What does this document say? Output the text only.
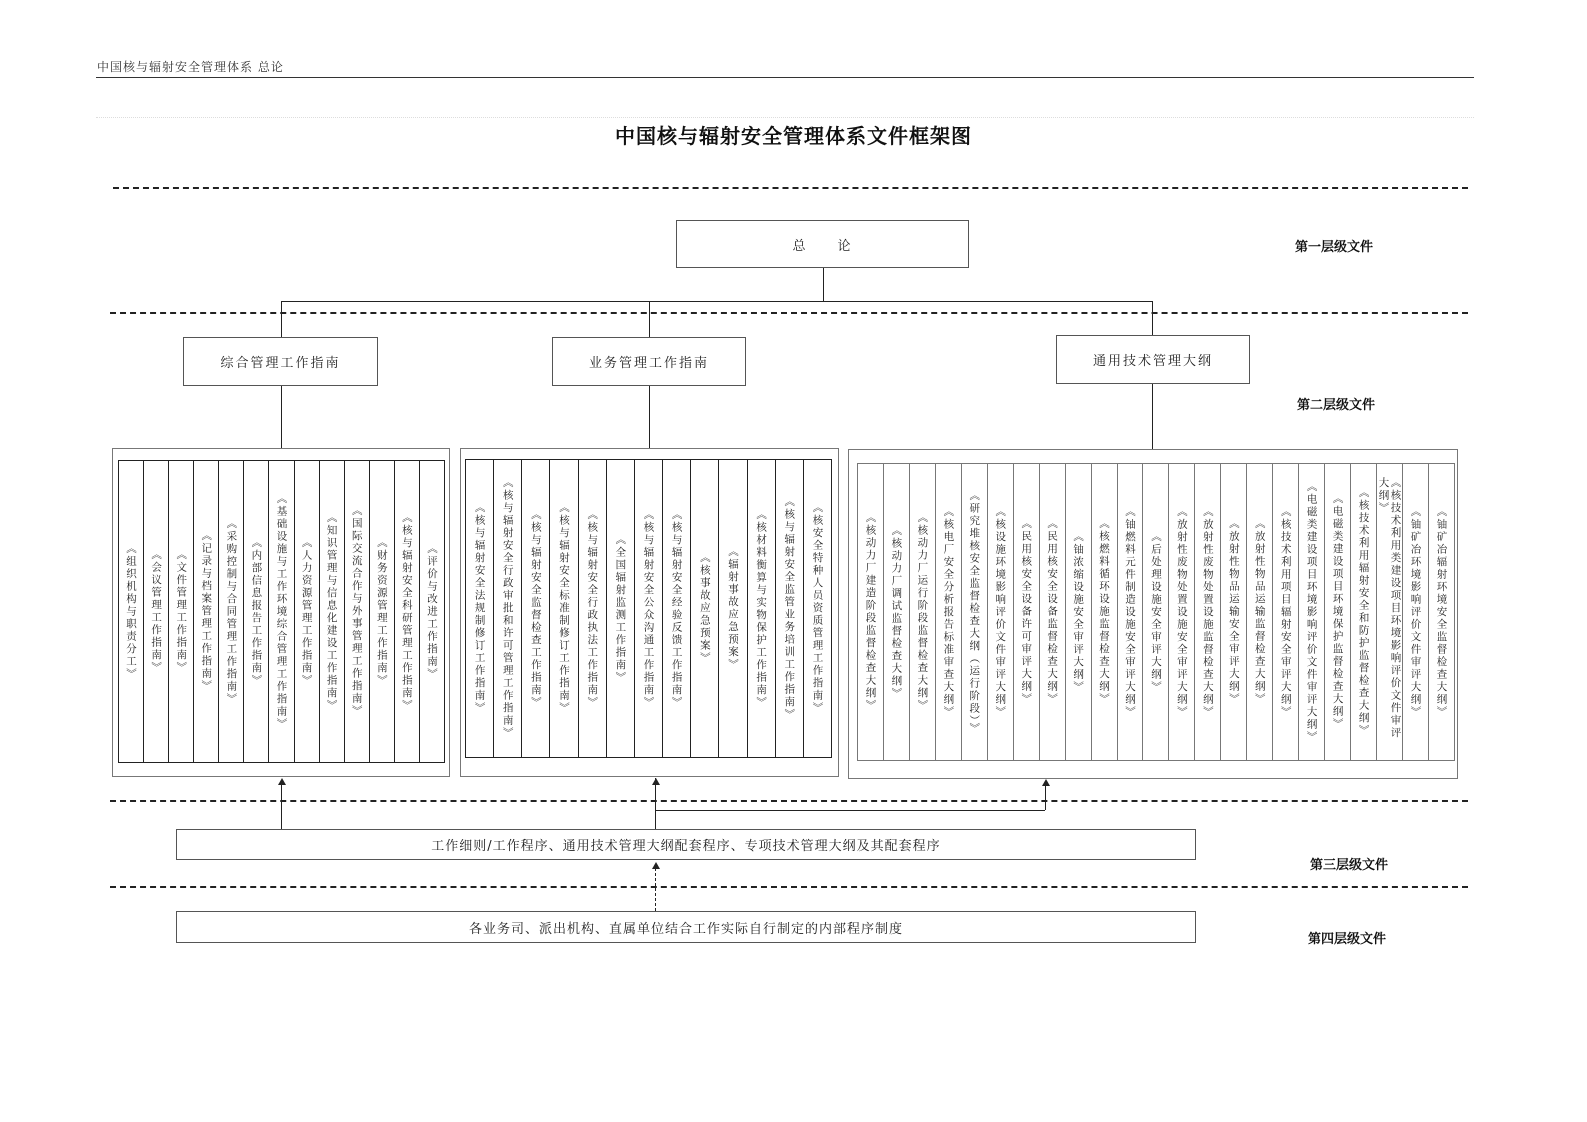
中国核与辐射安全管理体系 总论
中国核与辐射安全管理体系文件框架图
第一层级文件
第二层级文件
第三层级文件
第四层级文件
总　　论
综合管理工作指南	业务管理工作指南	通用技术管理大纲
《组织机构与职责分工》 《会议管理工作指南》 《文件管理工作指南》 《记录与档案管理工作指南》 《采购控制与合同管理工作指南》 《内部信息报告工作指南》 《基础设施与工作环境综合管理工作指南》 《人力资源管理工作指南》 《知识管理与信息化建设工作指南》 《国际交流合作与外事管理工作指南》 《财务资源管理工作指南》 《核与辐射安全科研管理工作指南》 《评价与改进工作指南》	《核与辐射安全法规制修订工作指南》 《核与辐射安全行政审批和许可管理工作指南》 《核与辐射安全监督检查工作指南》 《核与辐射安全标准制修订工作指南》 《核与辐射安全行政执法工作指南》 《全国辐射监测工作指南》 《核与辐射安全公众沟通工作指南》 《核与辐射安全经验反馈工作指南》 《核事故应急预案》 《辐射事故应急预案》 《核材料衡算与实物保护工作指南》 《核与辐射安全监管业务培训工作指南》 《核安全特种人员资质管理工作指南》	《核动力厂建造阶段监督检查大纲》 《核动力厂调试监督检查大纲》 《核动力厂运行阶段监督检查大纲》 《核电厂安全分析报告标准审查大纲》 《研究堆核安全监督检查大纲（运行阶段）》 《核设施环境影响评价文件审评大纲》 《民用核安全设备许可审评大纲》 《民用核安全设备监督检查大纲》 《铀浓缩设施安全审评大纲》 《核燃料循环设施监督检查大纲》 《铀燃料元件制造设施安全审评大纲》 《后处理设施安全审评大纲》 《放射性废物处置设施安全审评大纲》 《放射性废物处置设施监督检查大纲》 《放射性物品运输安全审评大纲》 《放射性物品运输监督检查大纲》 《核技术利用项目辐射安全审评大纲》 《电磁类建设项目环境影响评价文件审评大纲》 《电磁类建设项目环境保护监督检查大纲》 《核技术利用辐射安全和防护监督检查大纲》	《核技术利用类建设项目环境影响评价文件审评大纲》
《铀矿冶环境影响评价文件审评大纲》 《铀矿冶辐射环境安全监督检查大纲》
工作细则/工作程序、通用技术管理大纲配套程序、专项技术管理大纲及其配套程序
各业务司、派出机构、直属单位结合工作实际自行制定的内部程序制度
